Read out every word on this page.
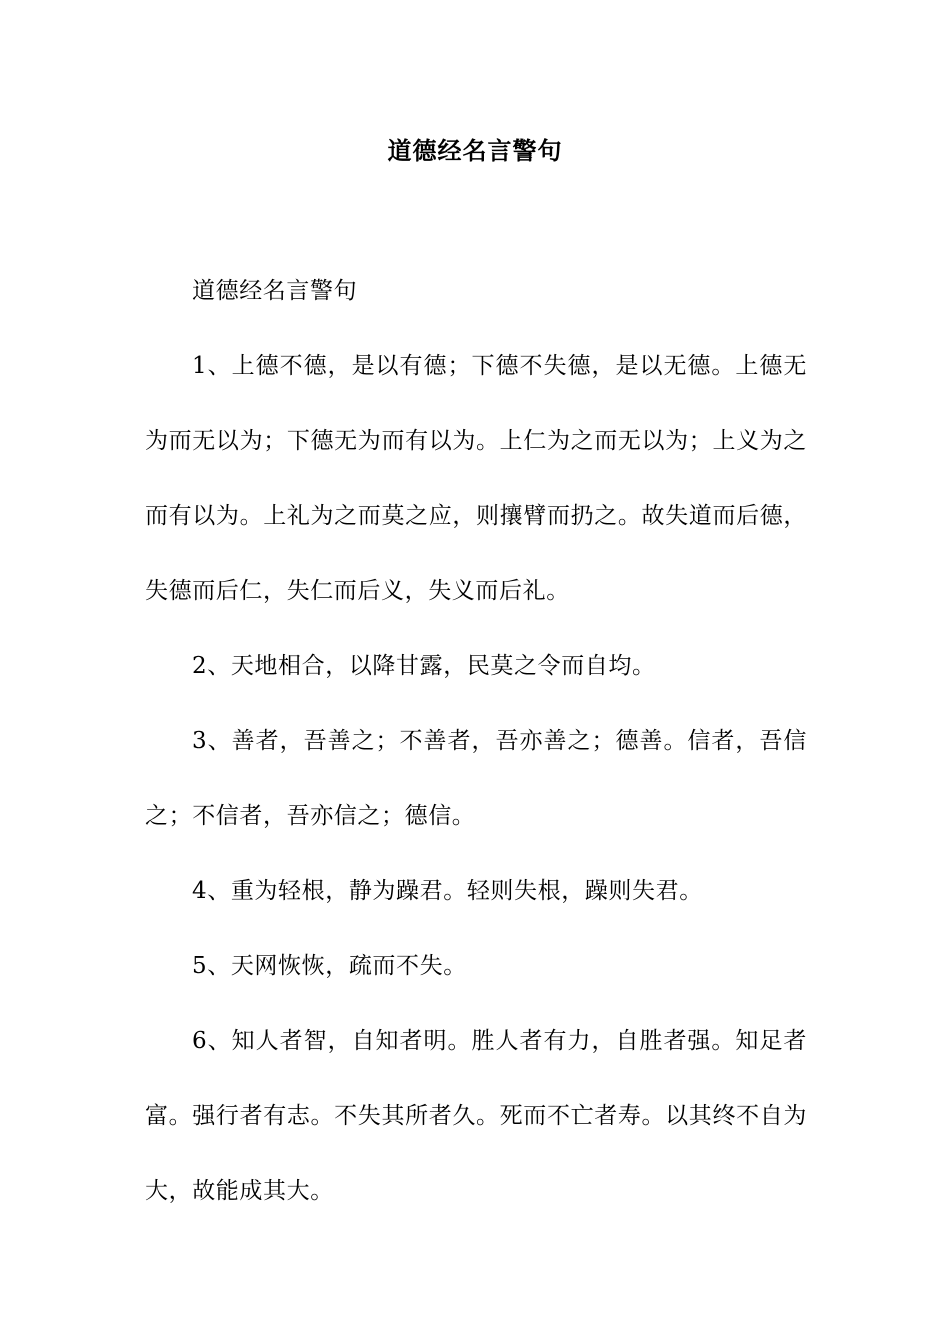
道德经名言警句

道德经名言警句

1、上德不德，是以有德；下德不失德，是以无德。上德无为而无以为；下德无为而有以为。上仁为之而无以为；上义为之而有以为。上礼为之而莫之应，则攘臂而扔之。故失道而后德，失德而后仁，失仁而后义，失义而后礼。

2、天地相合，以降甘露，民莫之令而自均。

3、善者，吾善之；不善者，吾亦善之；德善。信者，吾信之；不信者，吾亦信之；德信。

4、重为轻根，静为躁君。轻则失根，躁则失君。

5、天网恢恢，疏而不失。

6、知人者智，自知者明。胜人者有力，自胜者强。知足者富。强行者有志。不失其所者久。死而不亡者寿。以其终不自为大，故能成其大。
